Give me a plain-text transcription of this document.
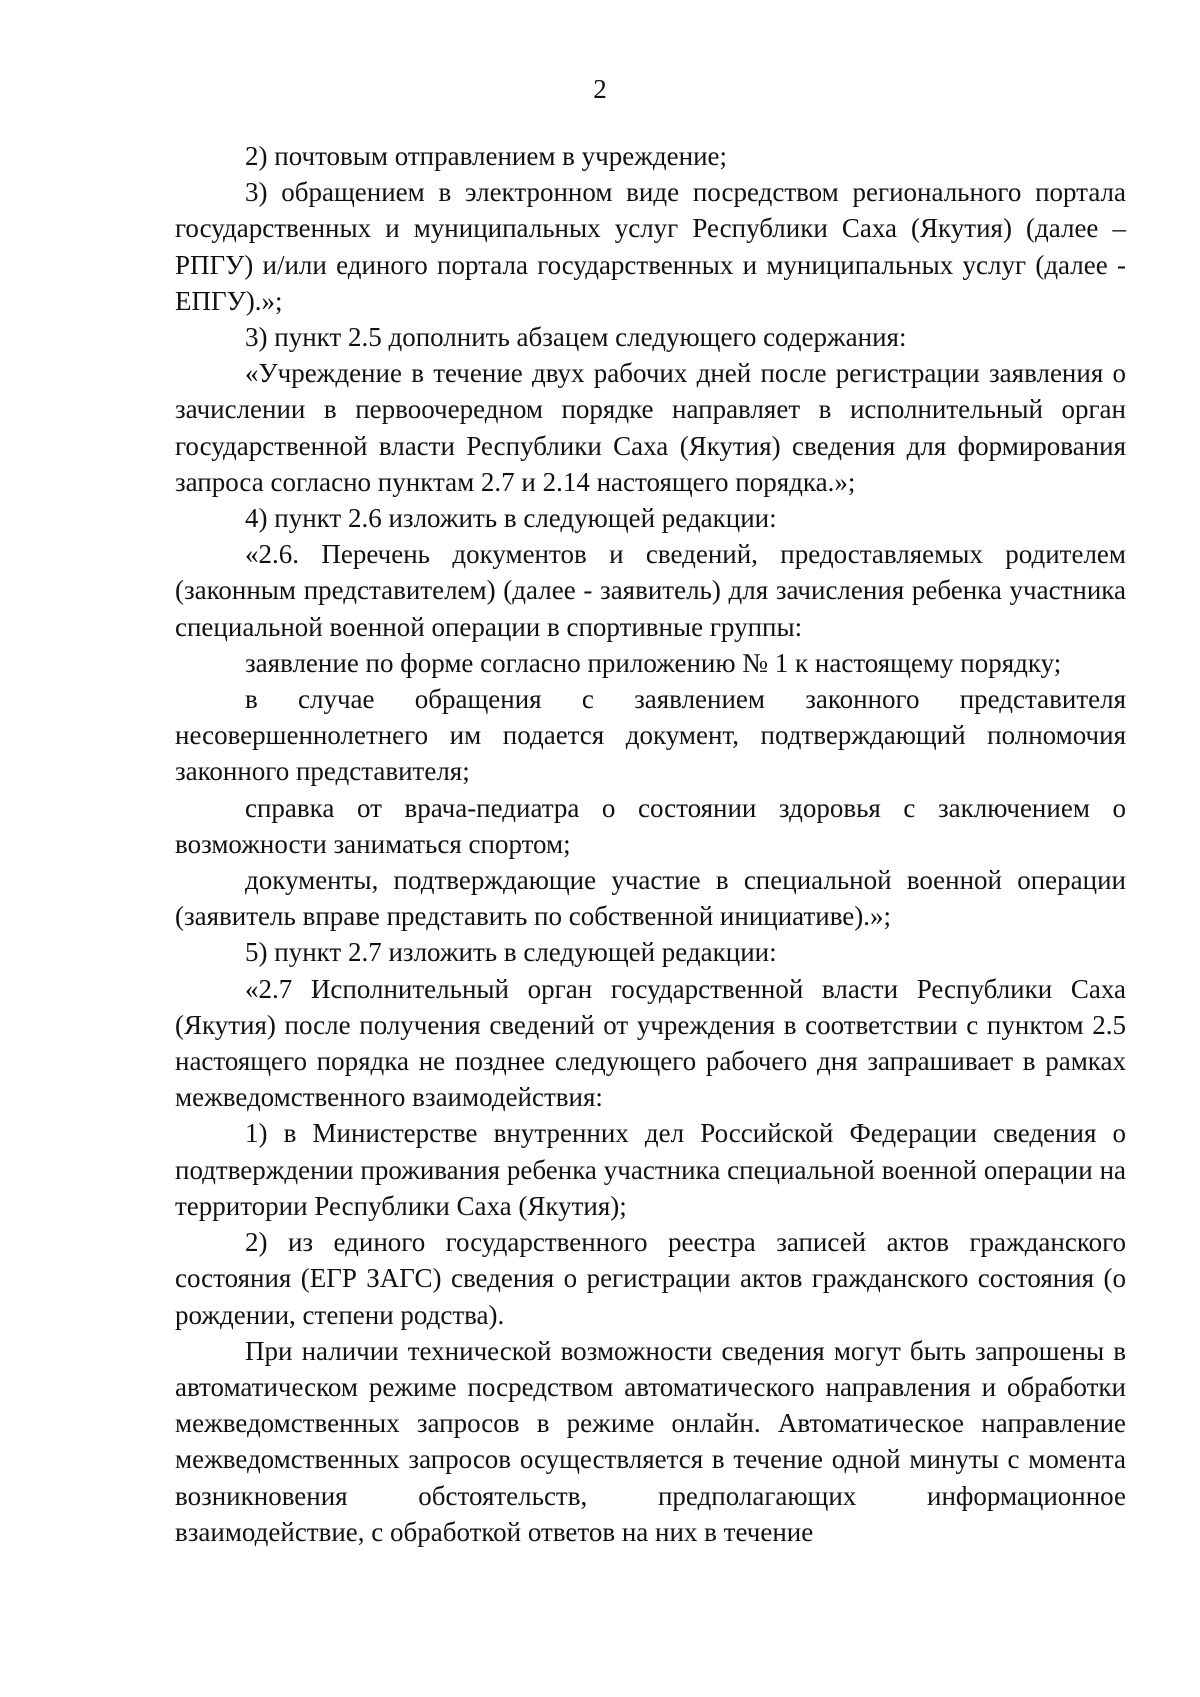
2

2) почтовым отправлением в учреждение;

3) обращением в электронном виде посредством регионального портала государственных и муниципальных услуг Республики Саха (Якутия) (далее – РПГУ) и/или единого портала государственных и муниципальных услуг (далее - ЕПГУ).»;

3) пункт 2.5 дополнить абзацем следующего содержания:

«Учреждение в течение двух рабочих дней после регистрации заявления о зачислении в первоочередном порядке направляет в исполнительный орган государственной власти Республики Саха (Якутия) сведения для формирования запроса согласно пунктам 2.7 и 2.14 настоящего порядка.»;

4) пункт 2.6 изложить в следующей редакции:

«2.6. Перечень документов и сведений, предоставляемых родителем (законным представителем) (далее - заявитель) для зачисления ребенка участника специальной военной операции в спортивные группы:

заявление по форме согласно приложению № 1 к настоящему порядку;

в случае обращения с заявлением законного представителя несовершеннолетнего им подается документ, подтверждающий полномочия законного представителя;

справка от врача-педиатра о состоянии здоровья с заключением о возможности заниматься спортом;

документы, подтверждающие участие в специальной военной операции (заявитель вправе представить по собственной инициативе).»;

5) пункт 2.7 изложить в следующей редакции:

«2.7 Исполнительный орган государственной власти Республики Саха (Якутия) после получения сведений от учреждения в соответствии с пунктом 2.5 настоящего порядка не позднее следующего рабочего дня запрашивает в рамках межведомственного взаимодействия:

1) в Министерстве внутренних дел Российской Федерации сведения о подтверждении проживания ребенка участника специальной военной операции на территории Республики Саха (Якутия);

2) из единого государственного реестра записей актов гражданского состояния (ЕГР ЗАГС) сведения о регистрации актов гражданского состояния (о рождении, степени родства).

При наличии технической возможности сведения могут быть запрошены в автоматическом режиме посредством автоматического направления и обработки межведомственных запросов в режиме онлайн. Автоматическое направление межведомственных запросов осуществляется в течение одной минуты с момента возникновения обстоятельств, предполагающих информационное взаимодействие, с обработкой ответов на них в течение
